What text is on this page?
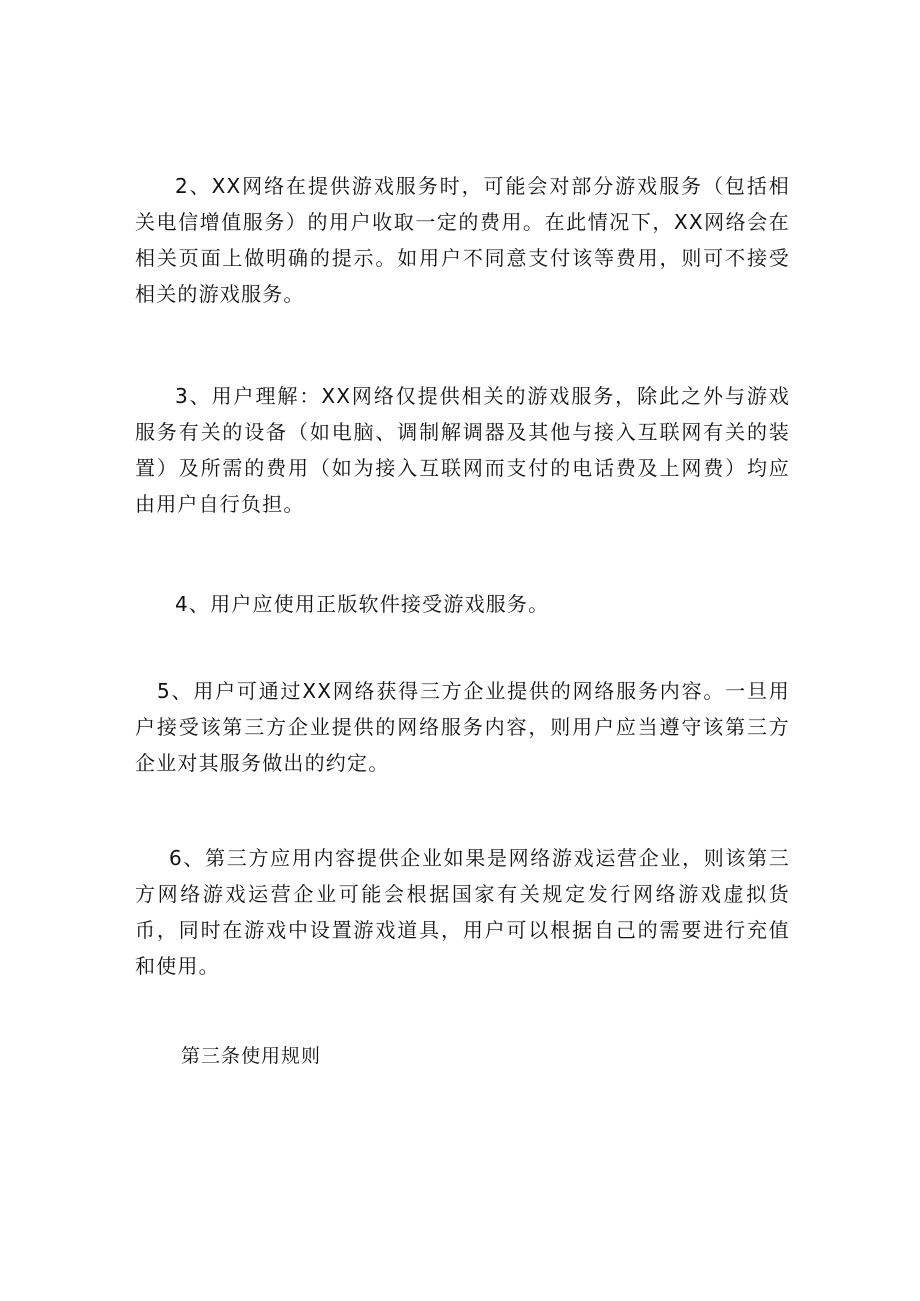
2、XX网络在提供游戏服务时，可能会对部分游戏服务（包括相关电信增值服务）的用户收取一定的费用。在此情况下，XX网络会在相关页面上做明确的提示。如用户不同意支付该等费用，则可不接受相关的游戏服务。

3、用户理解：XX网络仅提供相关的游戏服务，除此之外与游戏服务有关的设备（如电脑、调制解调器及其他与接入互联网有关的装置）及所需的费用（如为接入互联网而支付的电话费及上网费）均应由用户自行负担。

4、用户应使用正版软件接受游戏服务。

5、用户可通过XX网络获得三方企业提供的网络服务内容。一旦用户接受该第三方企业提供的网络服务内容，则用户应当遵守该第三方企业对其服务做出的约定。

6、第三方应用内容提供企业如果是网络游戏运营企业，则该第三方网络游戏运营企业可能会根据国家有关规定发行网络游戏虚拟货币，同时在游戏中设置游戏道具，用户可以根据自己的需要进行充值和使用。

第三条使用规则
